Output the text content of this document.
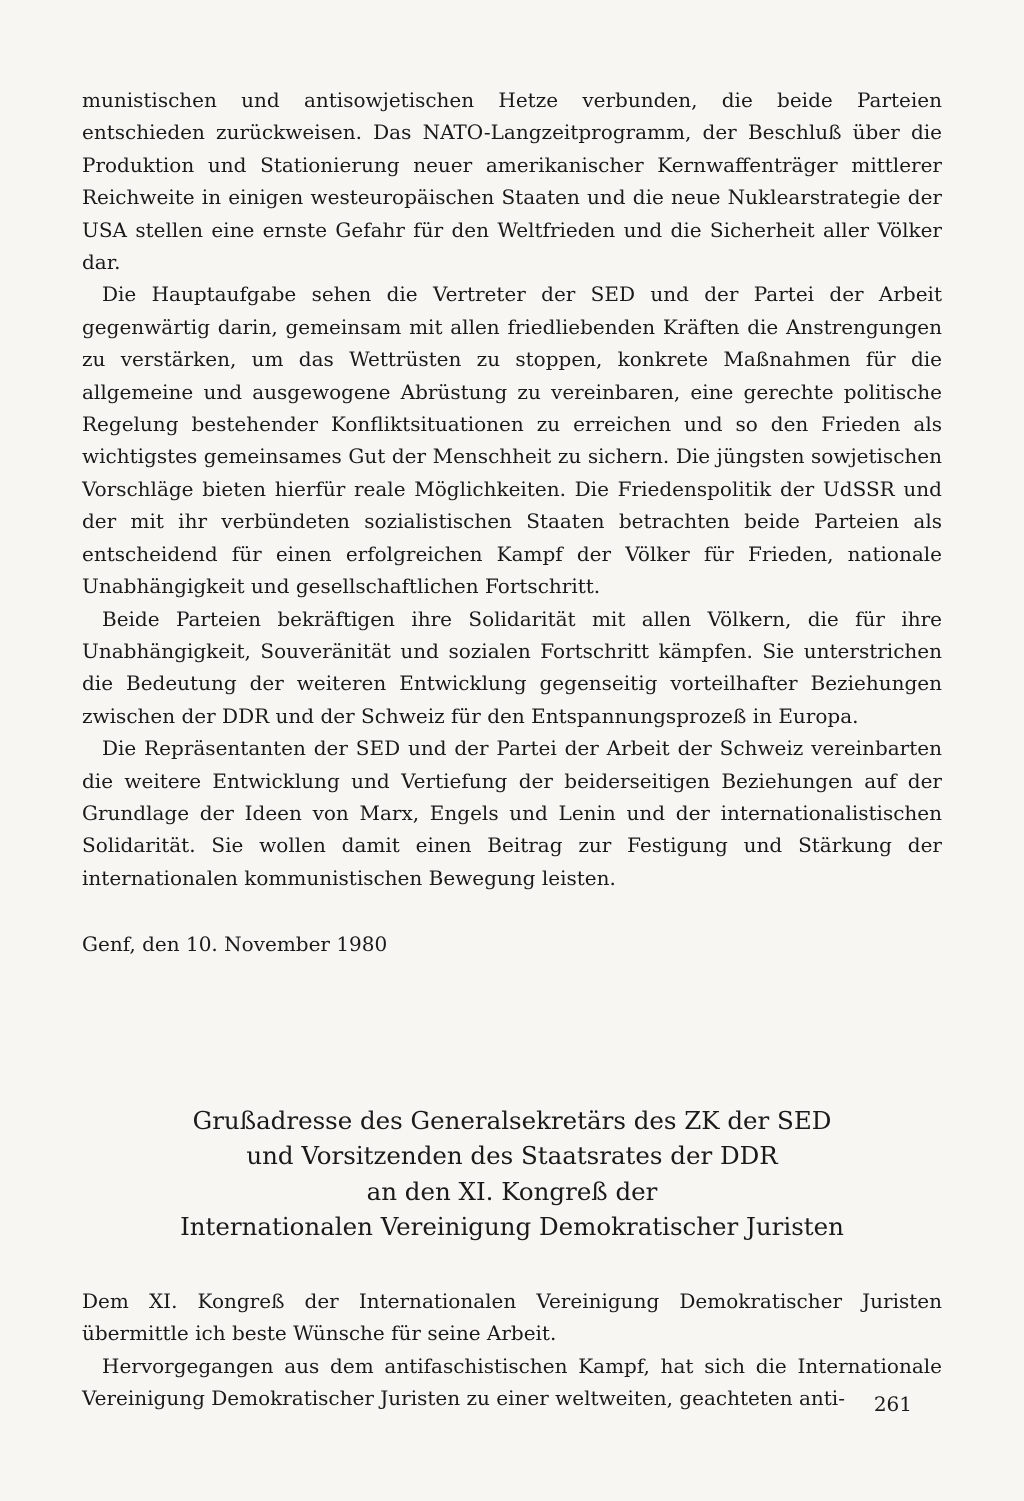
munistischen und antisowjetischen Hetze verbunden, die beide Parteien entschieden zurückweisen. Das NATO-Langzeitprogramm, der Beschluß über die Produktion und Stationierung neuer amerikanischer Kernwaffenträger mittlerer Reichweite in einigen westeuropäischen Staaten und die neue Nuklearstrategie der USA stellen eine ernste Gefahr für den Weltfrieden und die Sicherheit aller Völker dar.

Die Hauptaufgabe sehen die Vertreter der SED und der Partei der Arbeit gegenwärtig darin, gemeinsam mit allen friedliebenden Kräften die Anstrengungen zu verstärken, um das Wettrüsten zu stoppen, konkrete Maßnahmen für die allgemeine und ausgewogene Abrüstung zu vereinbaren, eine gerechte politische Regelung bestehender Konfliktsituationen zu erreichen und so den Frieden als wichtigstes gemeinsames Gut der Menschheit zu sichern. Die jüngsten sowjetischen Vorschläge bieten hierfür reale Möglichkeiten. Die Friedenspolitik der UdSSR und der mit ihr verbündeten sozialistischen Staaten betrachten beide Parteien als entscheidend für einen erfolgreichen Kampf der Völker für Frieden, nationale Unabhängigkeit und gesellschaftlichen Fortschritt.

Beide Parteien bekräftigen ihre Solidarität mit allen Völkern, die für ihre Unabhängigkeit, Souveränität und sozialen Fortschritt kämpfen. Sie unterstrichen die Bedeutung der weiteren Entwicklung gegenseitig vorteilhafter Beziehungen zwischen der DDR und der Schweiz für den Entspannungsprozeß in Europa.

Die Repräsentanten der SED und der Partei der Arbeit der Schweiz vereinbarten die weitere Entwicklung und Vertiefung der beiderseitigen Beziehungen auf der Grundlage der Ideen von Marx, Engels und Lenin und der internationalistischen Solidarität. Sie wollen damit einen Beitrag zur Festigung und Stärkung der internationalen kommunistischen Bewegung leisten.

Genf, den 10. November 1980

Grußadresse des Generalsekretärs des ZK der SED
und Vorsitzenden des Staatsrates der DDR
an den XI. Kongreß der
Internationalen Vereinigung Demokratischer Juristen

Dem XI. Kongreß der Internationalen Vereinigung Demokratischer Juristen übermittle ich beste Wünsche für seine Arbeit.

Hervorgegangen aus dem antifaschistischen Kampf, hat sich die Internationale Vereinigung Demokratischer Juristen zu einer weltweiten, geachteten anti-	261
